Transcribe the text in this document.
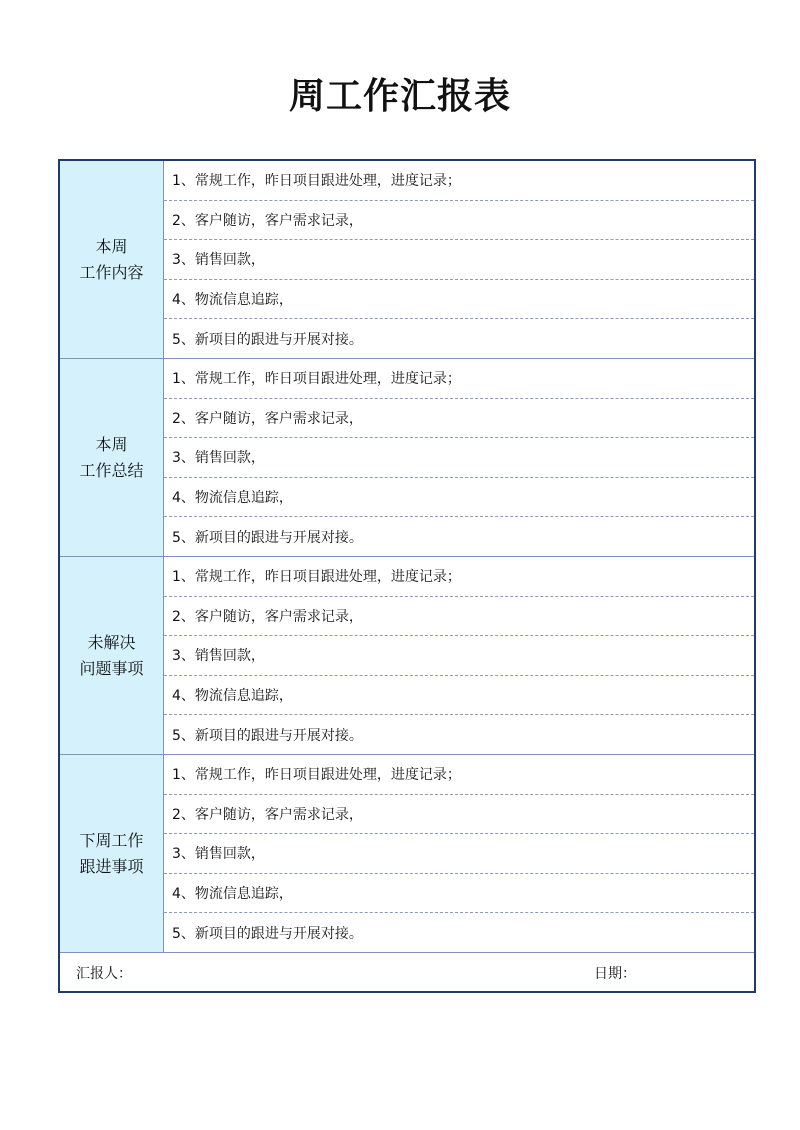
周工作汇报表
本周
工作内容
1、常规工作，昨日项目跟进处理，进度记录；
2、客户随访，客户需求记录，
3、销售回款，
4、物流信息追踪，
5、新项目的跟进与开展对接。
本周
工作总结
1、常规工作，昨日项目跟进处理，进度记录；
2、客户随访，客户需求记录，
3、销售回款，
4、物流信息追踪，
5、新项目的跟进与开展对接。
未解决
问题事项
1、常规工作，昨日项目跟进处理，进度记录；
2、客户随访，客户需求记录，
3、销售回款，
4、物流信息追踪，
5、新项目的跟进与开展对接。
下周工作
跟进事项
1、常规工作，昨日项目跟进处理，进度记录；
2、客户随访，客户需求记录，
3、销售回款，
4、物流信息追踪，
5、新项目的跟进与开展对接。
汇报人：	日期：
